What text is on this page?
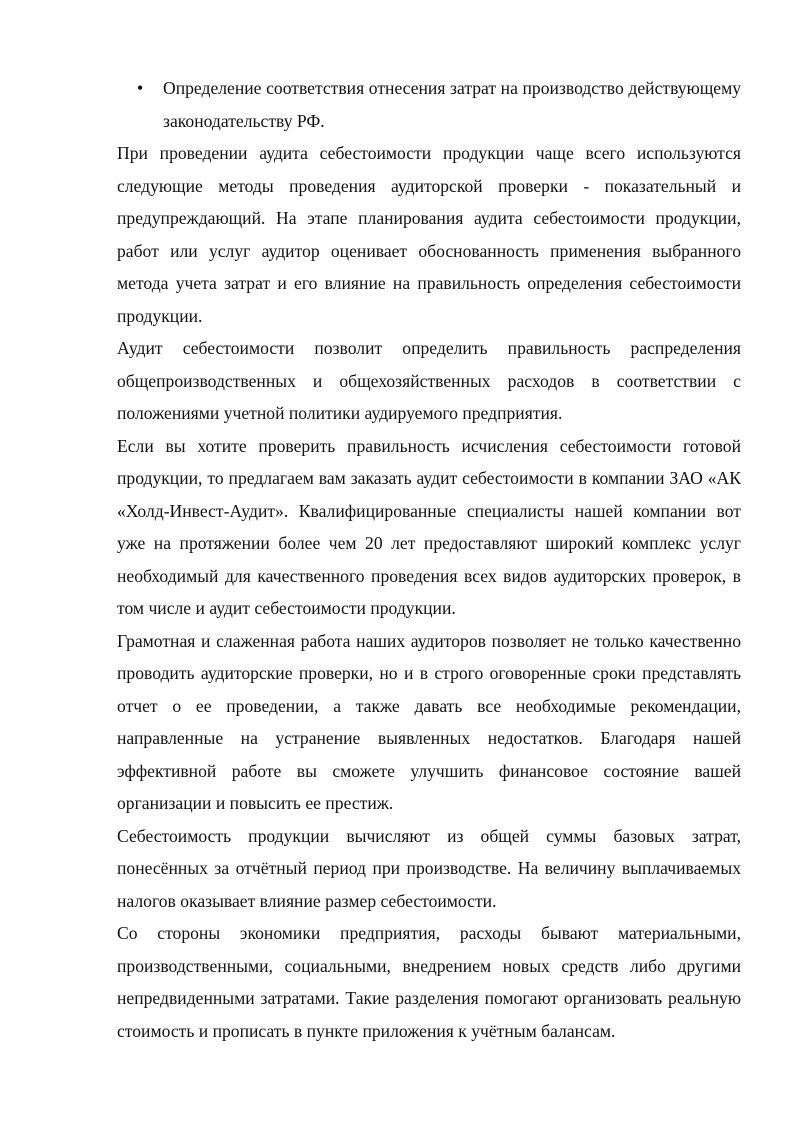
• Определение соответствия отнесения затрат на производство действующему законодательству РФ.

При проведении аудита себестоимости продукции чаще всего используются следующие методы проведения аудиторской проверки - показательный и предупреждающий. На этапе планирования аудита себестоимости продукции, работ или услуг аудитор оценивает обоснованность применения выбранного метода учета затрат и его влияние на правильность определения себестоимости продукции.

Аудит себестоимости позволит определить правильность распределения общепроизводственных и общехозяйственных расходов в соответствии с положениями учетной политики аудируемого предприятия.

Если вы хотите проверить правильность исчисления себестоимости готовой продукции, то предлагаем вам заказать аудит себестоимости в компании ЗАО «АК «Холд-Инвест-Аудит». Квалифицированные специалисты нашей компании вот уже на протяжении более чем 20 лет предоставляют широкий комплекс услуг необходимый для качественного проведения всех видов аудиторских проверок, в том числе и аудит себестоимости продукции.

Грамотная и слаженная работа наших аудиторов позволяет не только качественно проводить аудиторские проверки, но и в строго оговоренные сроки представлять отчет о ее проведении, а также давать все необходимые рекомендации, направленные на устранение выявленных недостатков. Благодаря нашей эффективной работе вы сможете улучшить финансовое состояние вашей организации и повысить ее престиж.

Себестоимость продукции вычисляют из общей суммы базовых затрат, понесённых за отчётный период при производстве. На величину выплачиваемых налогов оказывает влияние размер себестоимости.

Со стороны экономики предприятия, расходы бывают материальными, производственными, социальными, внедрением новых средств либо другими непредвиденными затратами. Такие разделения помогают организовать реальную стоимость и прописать в пункте приложения к учётным балансам.
